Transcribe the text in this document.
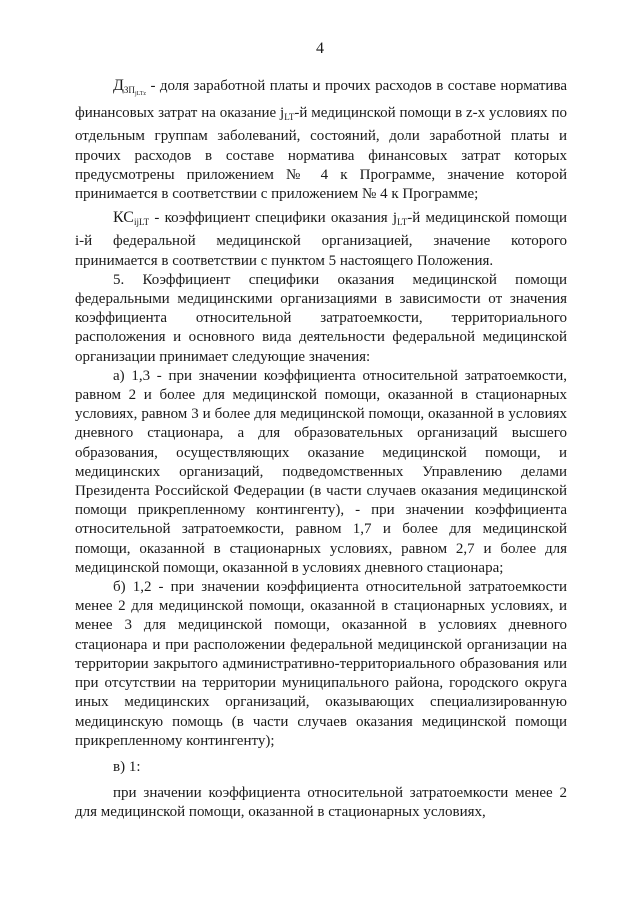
4

$Д_{ЗПjLTz}$ - доля заработной платы и прочих расходов в составе норматива финансовых затрат на оказание $j_{LT}-й$ медицинской помощи в z-х условиях по отдельным группам заболеваний, состояний, доли заработной платы и прочих расходов в составе норматива финансовых затрат которых предусмотрены приложением № 4 к Программе, значение которой принимается в соответствии с приложением № 4 к Программе;

$КС_{ijLT}$ - коэффициент специфики оказания $j_{LT}-й$ медицинской помощи i-й федеральной медицинской организацией, значение которого принимается в соответствии с пунктом 5 настоящего Положения.

5. Коэффициент специфики оказания медицинской помощи федеральными медицинскими организациями в зависимости от значения коэффициента относительной затратоемкости, территориального расположения и основного вида деятельности федеральной медицинской организации принимает следующие значения:

а) 1,3 - при значении коэффициента относительной затратоемкости, равном 2 и более для медицинской помощи, оказанной в стационарных условиях, равном 3 и более для медицинской помощи, оказанной в условиях дневного стационара, а для образовательных организаций высшего образования, осуществляющих оказание медицинской помощи, и медицинских организаций, подведомственных Управлению делами Президента Российской Федерации (в части случаев оказания медицинской помощи прикрепленному контингенту), - при значении коэффициента относительной затратоемкости, равном 1,7 и более для медицинской помощи, оказанной в стационарных условиях, равном 2,7 и более для медицинской помощи, оказанной в условиях дневного стационара;

б) 1,2 - при значении коэффициента относительной затратоемкости менее 2 для медицинской помощи, оказанной в стационарных условиях, и менее 3 для медицинской помощи, оказанной в условиях дневного стационара и при расположении федеральной медицинской организации на территории закрытого административно-территориального образования или при отсутствии на территории муниципального района, городского округа иных медицинских организаций, оказывающих специализированную медицинскую помощь (в части случаев оказания медицинской помощи прикрепленному контингенту);

в) 1:

при значении коэффициента относительной затратоемкости менее 2 для медицинской помощи, оказанной в стационарных условиях,
